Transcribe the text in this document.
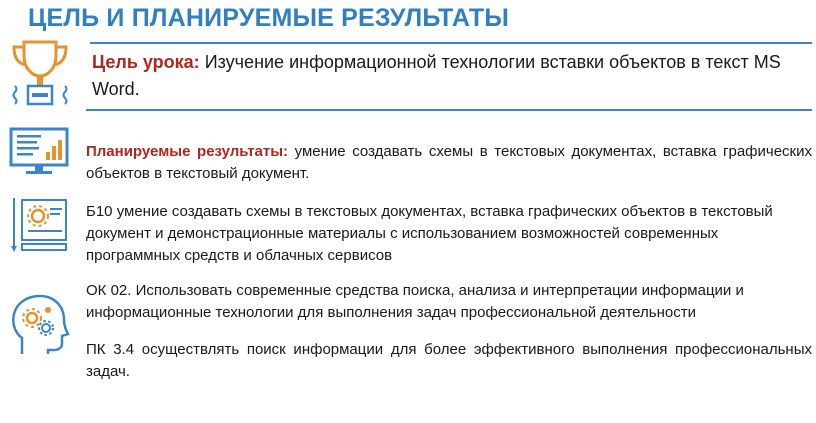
ЦЕЛЬ И ПЛАНИРУЕМЫЕ РЕЗУЛЬТАТЫ
Цель урока: Изучение информационной технологии вставки объектов в текст MS Word.
Планируемые результаты: умение создавать схемы в текстовых документах, вставка графических объектов в текстовый документ.
Б10 умение создавать схемы в текстовых документах, вставка графических объектов в текстовый документ и демонстрационные материалы с использованием возможностей современных программных средств и облачных сервисов
ОК 02. Использовать современные средства поиска, анализа и интерпретации информации и информационные технологии для выполнения задач профессиональной деятельности
ПК 3.4 осуществлять поиск информации для более эффективного выполнения профессиональных задач.
